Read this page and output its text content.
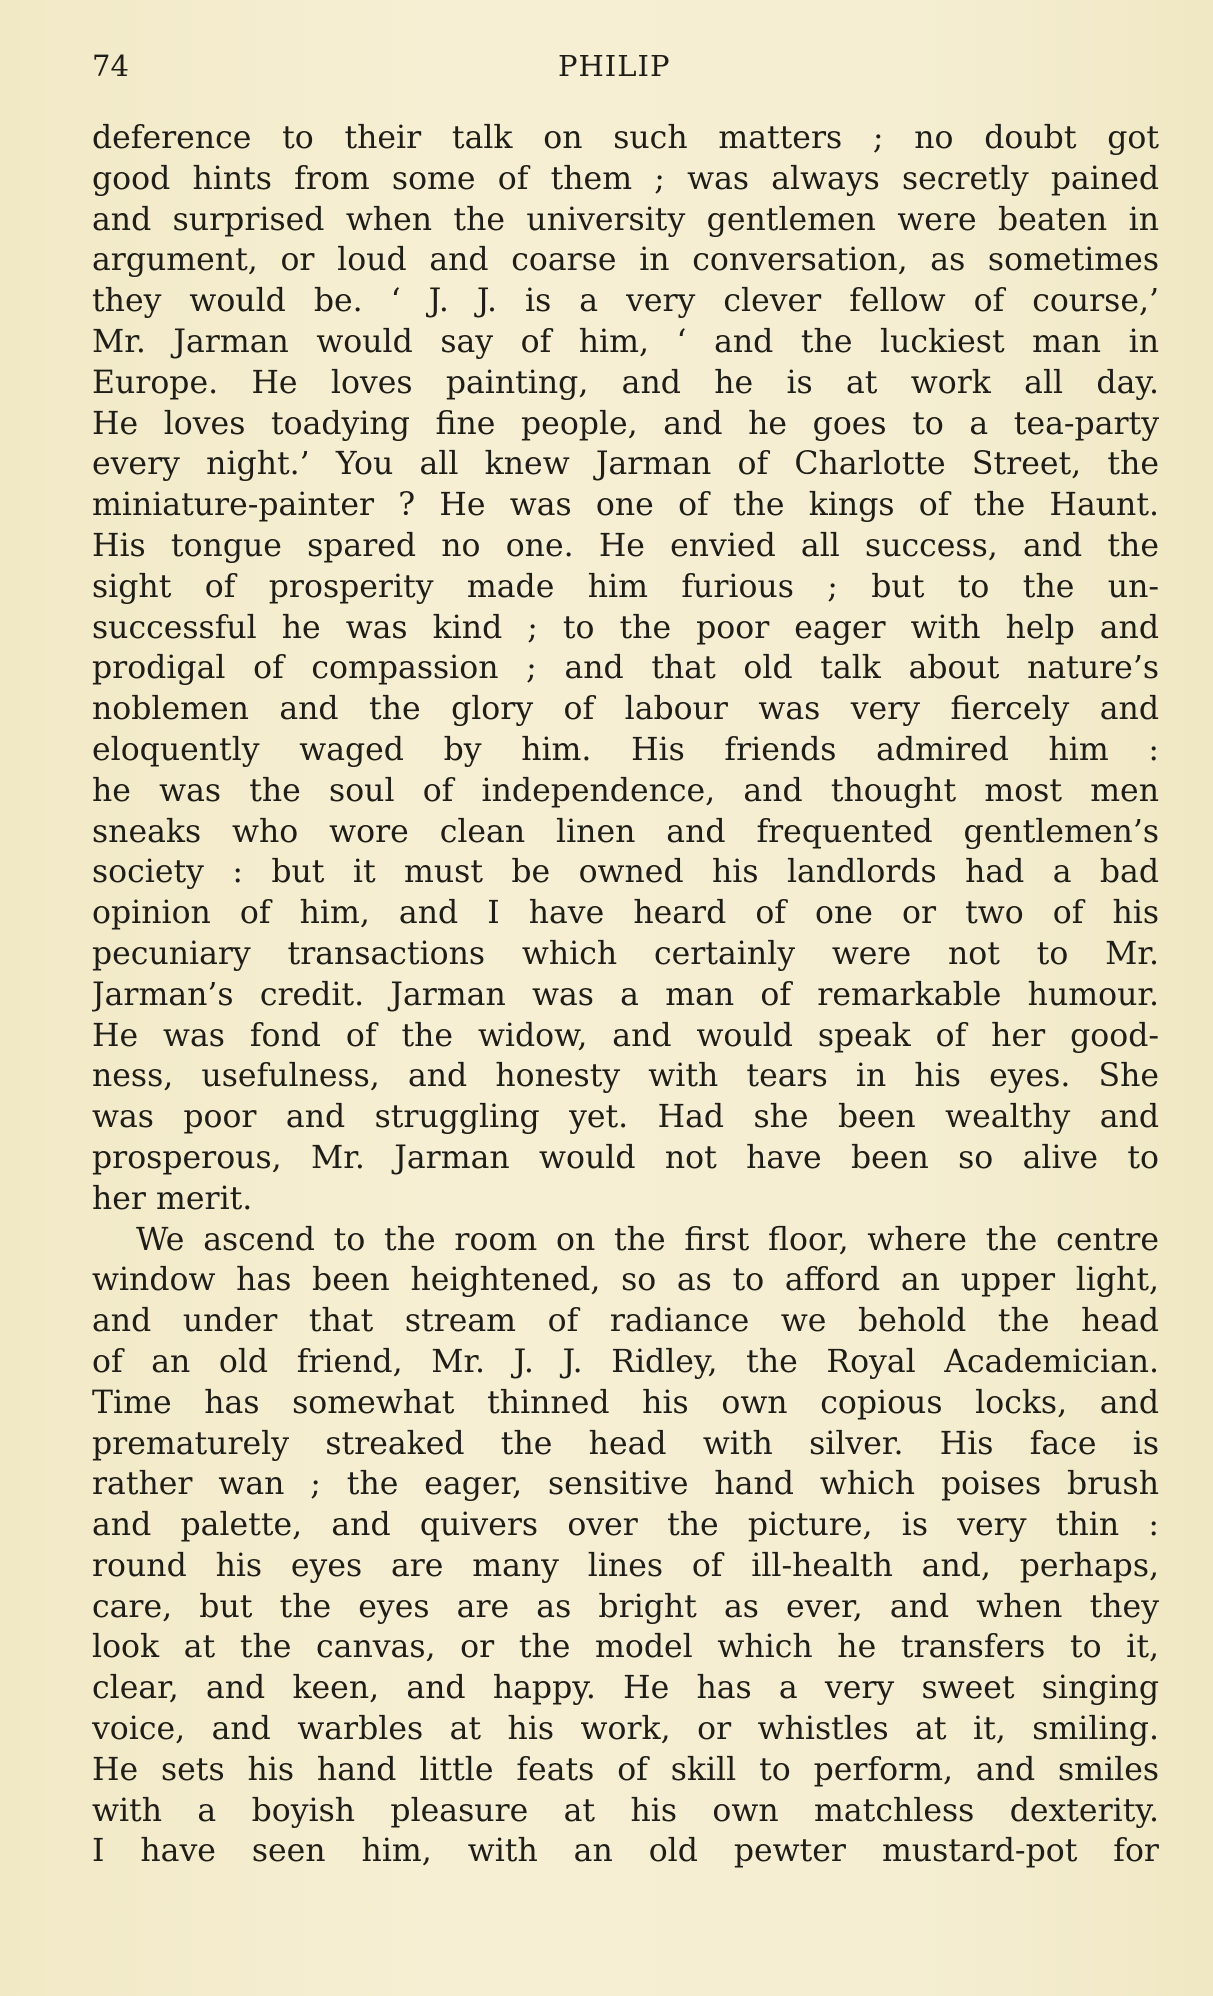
74	PHILIP
deference to their talk on such matters ; no doubt got
good hints from some of them ; was always secretly pained
and surprised when the university gentlemen were beaten in
argument, or loud and coarse in conversation, as sometimes
they would be. ‘ J. J. is a very clever fellow of course,’
Mr. Jarman would say of him, ‘ and the luckiest man in
Europe. He loves painting, and he is at work all day.
He loves toadying fine people, and he goes to a tea-party
every night.’ You all knew Jarman of Charlotte Street, the
miniature-painter ? He was one of the kings of the Haunt.
His tongue spared no one. He envied all success, and the
sight of prosperity made him furious ; but to the un-
successful he was kind ; to the poor eager with help and
prodigal of compassion ; and that old talk about nature’s
noblemen and the glory of labour was very fiercely and
eloquently waged by him. His friends admired him :
he was the soul of independence, and thought most men
sneaks who wore clean linen and frequented gentlemen’s
society : but it must be owned his landlords had a bad
opinion of him, and I have heard of one or two of his
pecuniary transactions which certainly were not to Mr.
Jarman’s credit. Jarman was a man of remarkable humour.
He was fond of the widow, and would speak of her good-
ness, usefulness, and honesty with tears in his eyes. She
was poor and struggling yet. Had she been wealthy and
prosperous, Mr. Jarman would not have been so alive to
her merit.
We ascend to the room on the first floor, where the centre
window has been heightened, so as to afford an upper light,
and under that stream of radiance we behold the head
of an old friend, Mr. J. J. Ridley, the Royal Academician.
Time has somewhat thinned his own copious locks, and
prematurely streaked the head with silver. His face is
rather wan ; the eager, sensitive hand which poises brush
and palette, and quivers over the picture, is very thin :
round his eyes are many lines of ill-health and, perhaps,
care, but the eyes are as bright as ever, and when they
look at the canvas, or the model which he transfers to it,
clear, and keen, and happy. He has a very sweet singing
voice, and warbles at his work, or whistles at it, smiling.
He sets his hand little feats of skill to perform, and smiles
with a boyish pleasure at his own matchless dexterity.
I have seen him, with an old pewter mustard-pot for
